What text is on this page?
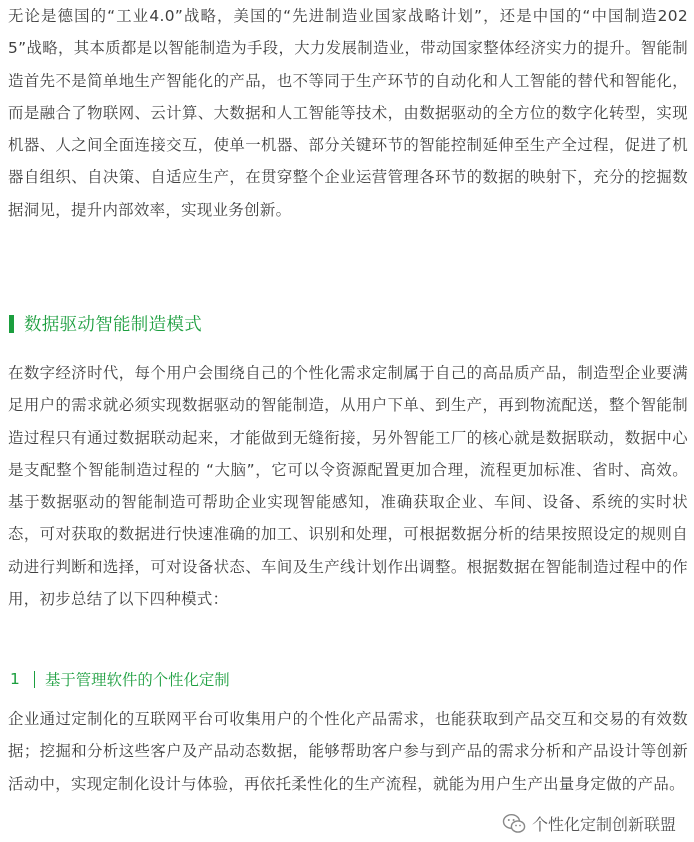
无论是德国的“工业4.0”战略，美国的“先进制造业国家战略计划”，还是中国的“中国制造2025”战略，其本质都是以智能制造为手段，大力发展制造业，带动国家整体经济实力的提升。智能制造首先不是简单地生产智能化的产品，也不等同于生产环节的自动化和人工智能的替代和智能化，而是融合了物联网、云计算、大数据和人工智能等技术，由数据驱动的全方位的数字化转型，实现机器、人之间全面连接交互，使单一机器、部分关键环节的智能控制延伸至生产全过程，促进了机器自组织、自决策、自适应生产，在贯穿整个企业运营管理各环节的数据的映射下，充分的挖掘数据洞见，提升内部效率，实现业务创新。

数据驱动智能制造模式

在数字经济时代，每个用户会围绕自己的个性化需求定制属于自己的高品质产品，制造型企业要满足用户的需求就必须实现数据驱动的智能制造，从用户下单、到生产，再到物流配送，整个智能制造过程只有通过数据联动起来，才能做到无缝衔接，另外智能工厂的核心就是数据联动，数据中心是支配整个智能制造过程的 “大脑”，它可以令资源配置更加合理，流程更加标准、省时、高效。基于数据驱动的智能制造可帮助企业实现智能感知，准确获取企业、车间、设备、系统的实时状态，可对获取的数据进行快速准确的加工、识别和处理，可根据数据分析的结果按照设定的规则自动进行判断和选择，可对设备状态、车间及生产线计划作出调整。根据数据在智能制造过程中的作用，初步总结了以下四种模式：

1	基于管理软件的个性化定制

企业通过定制化的互联网平台可收集用户的个性化产品需求，也能获取到产品交互和交易的有效数据；挖掘和分析这些客户及产品动态数据，能够帮助客户参与到产品的需求分析和产品设计等创新活动中，实现定制化设计与体验，再依托柔性化的生产流程，就能为用户生产出量身定做的产品。

个性化定制创新联盟
